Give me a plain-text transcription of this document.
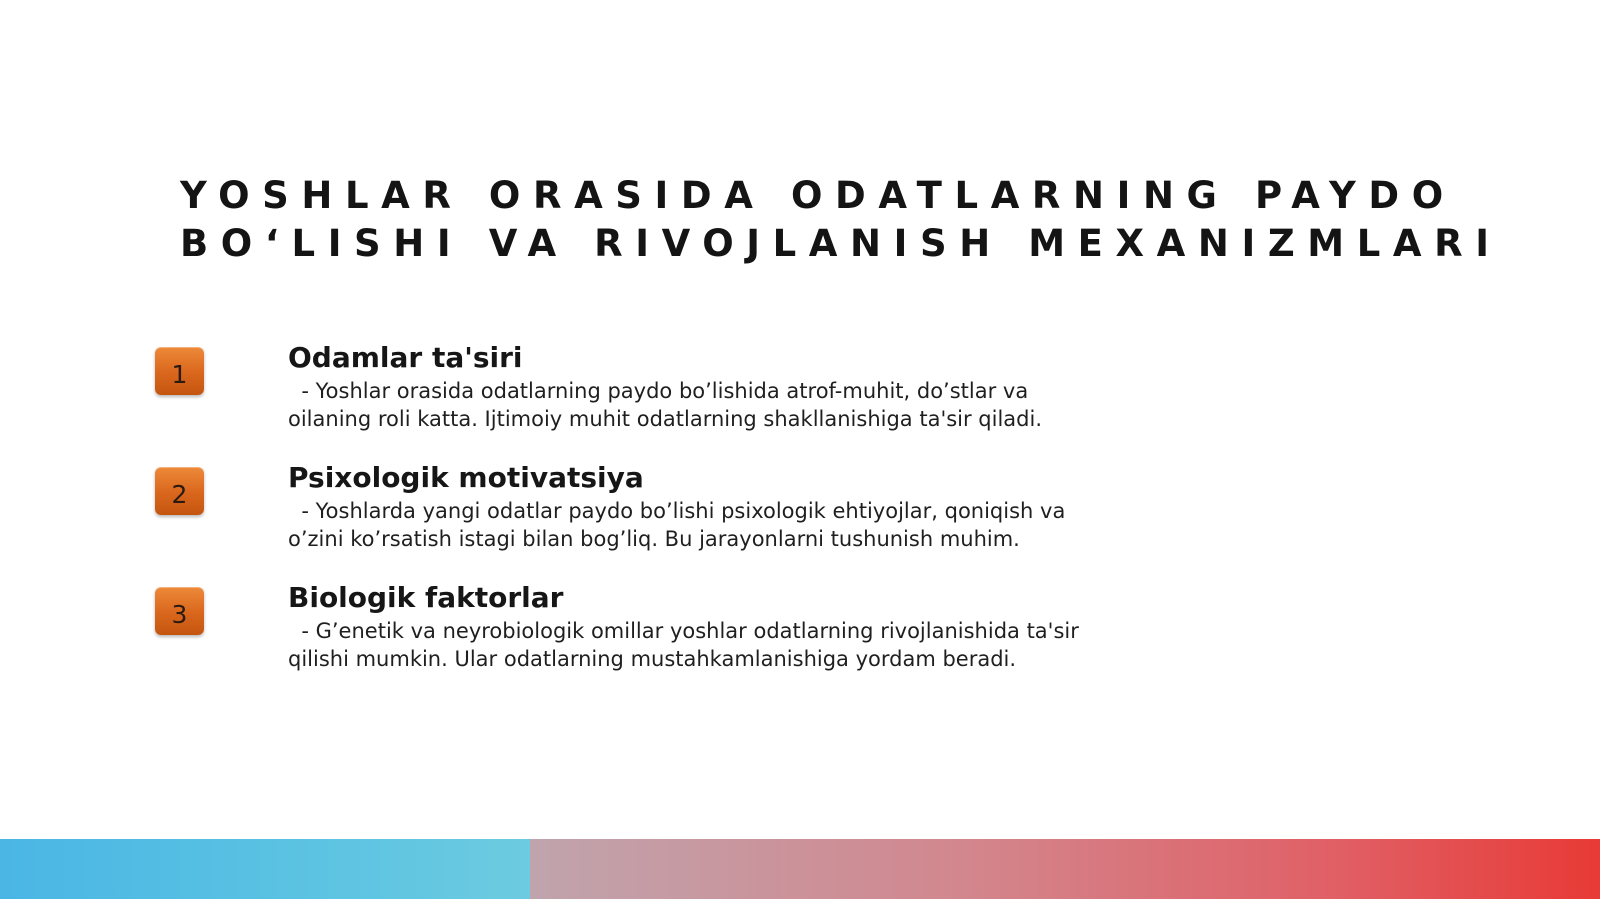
YOSHLAR ORASIDA ODATLARNING PAYDO
BO‘LISHI VA RIVOJLANISH MEXANIZMLARI
1
Odamlar ta'siri

- Yoshlar orasida odatlarning paydo bo’lishida atrof-muhit, do’stlar va oilaning roli katta. Ijtimoiy muhit odatlarning shakllanishiga ta'sir qiladi.

2
Psixologik motivatsiya

- Yoshlarda yangi odatlar paydo bo’lishi psixologik ehtiyojlar, qoniqish va o’zini ko’rsatish istagi bilan bog’liq. Bu jarayonlarni tushunish muhim.

3
Biologik faktorlar

- G’enetik va neyrobiologik omillar yoshlar odatlarning rivojlanishida ta'sir qilishi mumkin. Ular odatlarning mustahkamlanishiga yordam beradi.
